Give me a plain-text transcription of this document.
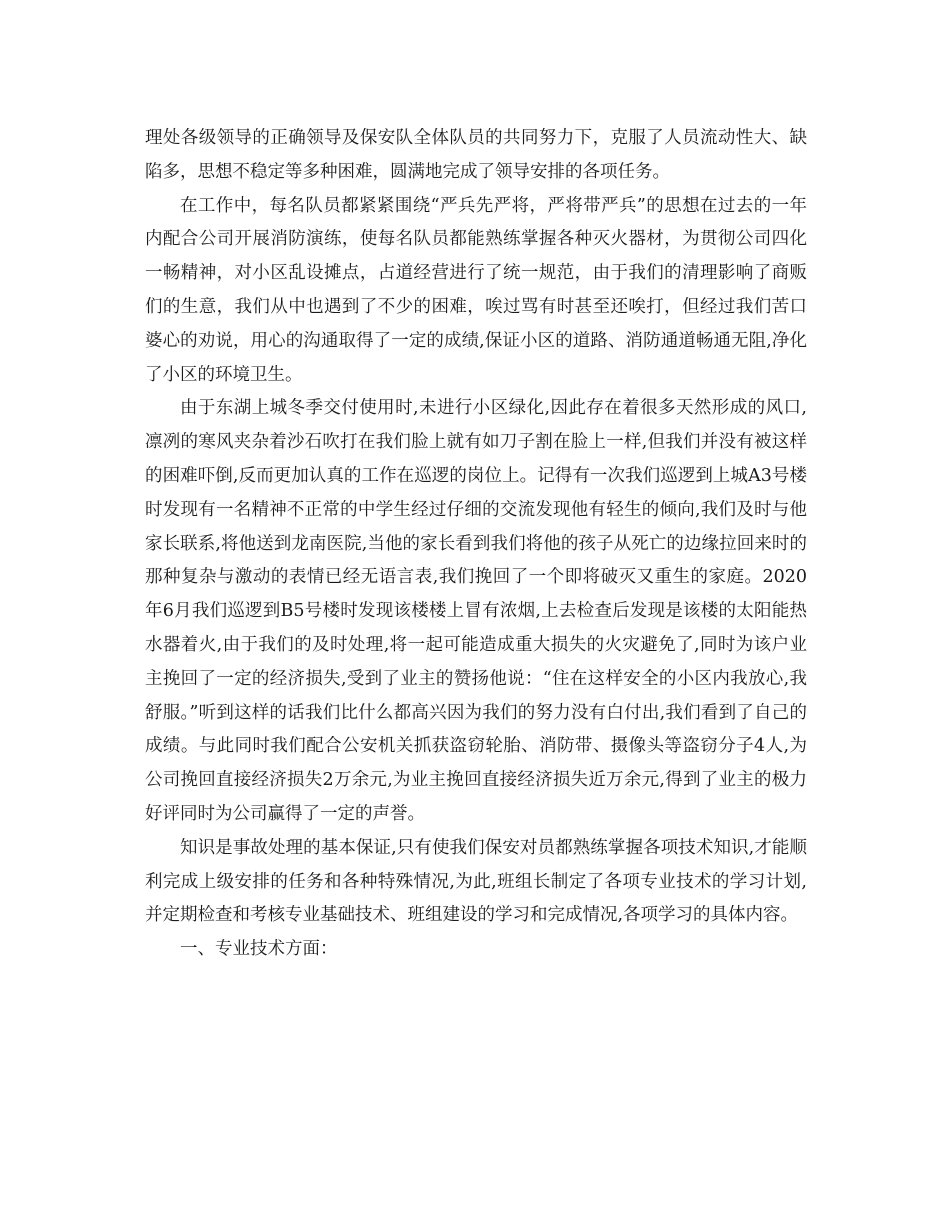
理处各级领导的正确领导及保安队全体队员的共同努力下，克服了人员流动性大、缺陷多，思想不稳定等多种困难，圆满地完成了领导安排的各项任务。

在工作中，每名队员都紧紧围绕“严兵先严将，严将带严兵”的思想在过去的一年内配合公司开展消防演练，使每名队员都能熟练掌握各种灭火器材，为贯彻公司四化一畅精神，对小区乱设摊点，占道经营进行了统一规范，由于我们的清理影响了商贩们的生意，我们从中也遇到了不少的困难，唉过骂有时甚至还唉打，但经过我们苦口婆心的劝说，用心的沟通取得了一定的成绩,保证小区的道路、消防通道畅通无阻,净化了小区的环境卫生。

由于东湖上城冬季交付使用时,未进行小区绿化,因此存在着很多天然形成的风口,凛冽的寒风夹杂着沙石吹打在我们脸上就有如刀子割在脸上一样,但我们并没有被这样的困难吓倒,反而更加认真的工作在巡逻的岗位上。记得有一次我们巡逻到上城A3号楼时发现有一名精神不正常的中学生经过仔细的交流发现他有轻生的倾向,我们及时与他家长联系,将他送到龙南医院,当他的家长看到我们将他的孩子从死亡的边缘拉回来时的那种复杂与激动的表情已经无语言表,我们挽回了一个即将破灭又重生的家庭。2020年6月我们巡逻到B5号楼时发现该楼楼上冒有浓烟,上去检查后发现是该楼的太阳能热水器着火,由于我们的及时处理,将一起可能造成重大损失的火灾避免了,同时为该户业主挽回了一定的经济损失,受到了业主的赞扬他说：“住在这样安全的小区内我放心,我舒服。”听到这样的话我们比什么都高兴因为我们的努力没有白付出,我们看到了自己的成绩。与此同时我们配合公安机关抓获盗窃轮胎、消防带、摄像头等盗窃分子4人,为公司挽回直接经济损失2万余元,为业主挽回直接经济损失近万余元,得到了业主的极力好评同时为公司赢得了一定的声誉。

知识是事故处理的基本保证,只有使我们保安对员都熟练掌握各项技术知识,才能顺利完成上级安排的任务和各种特殊情况,为此,班组长制定了各项专业技术的学习计划,并定期检查和考核专业基础技术、班组建设的学习和完成情况,各项学习的具体内容。

一、专业技术方面：
